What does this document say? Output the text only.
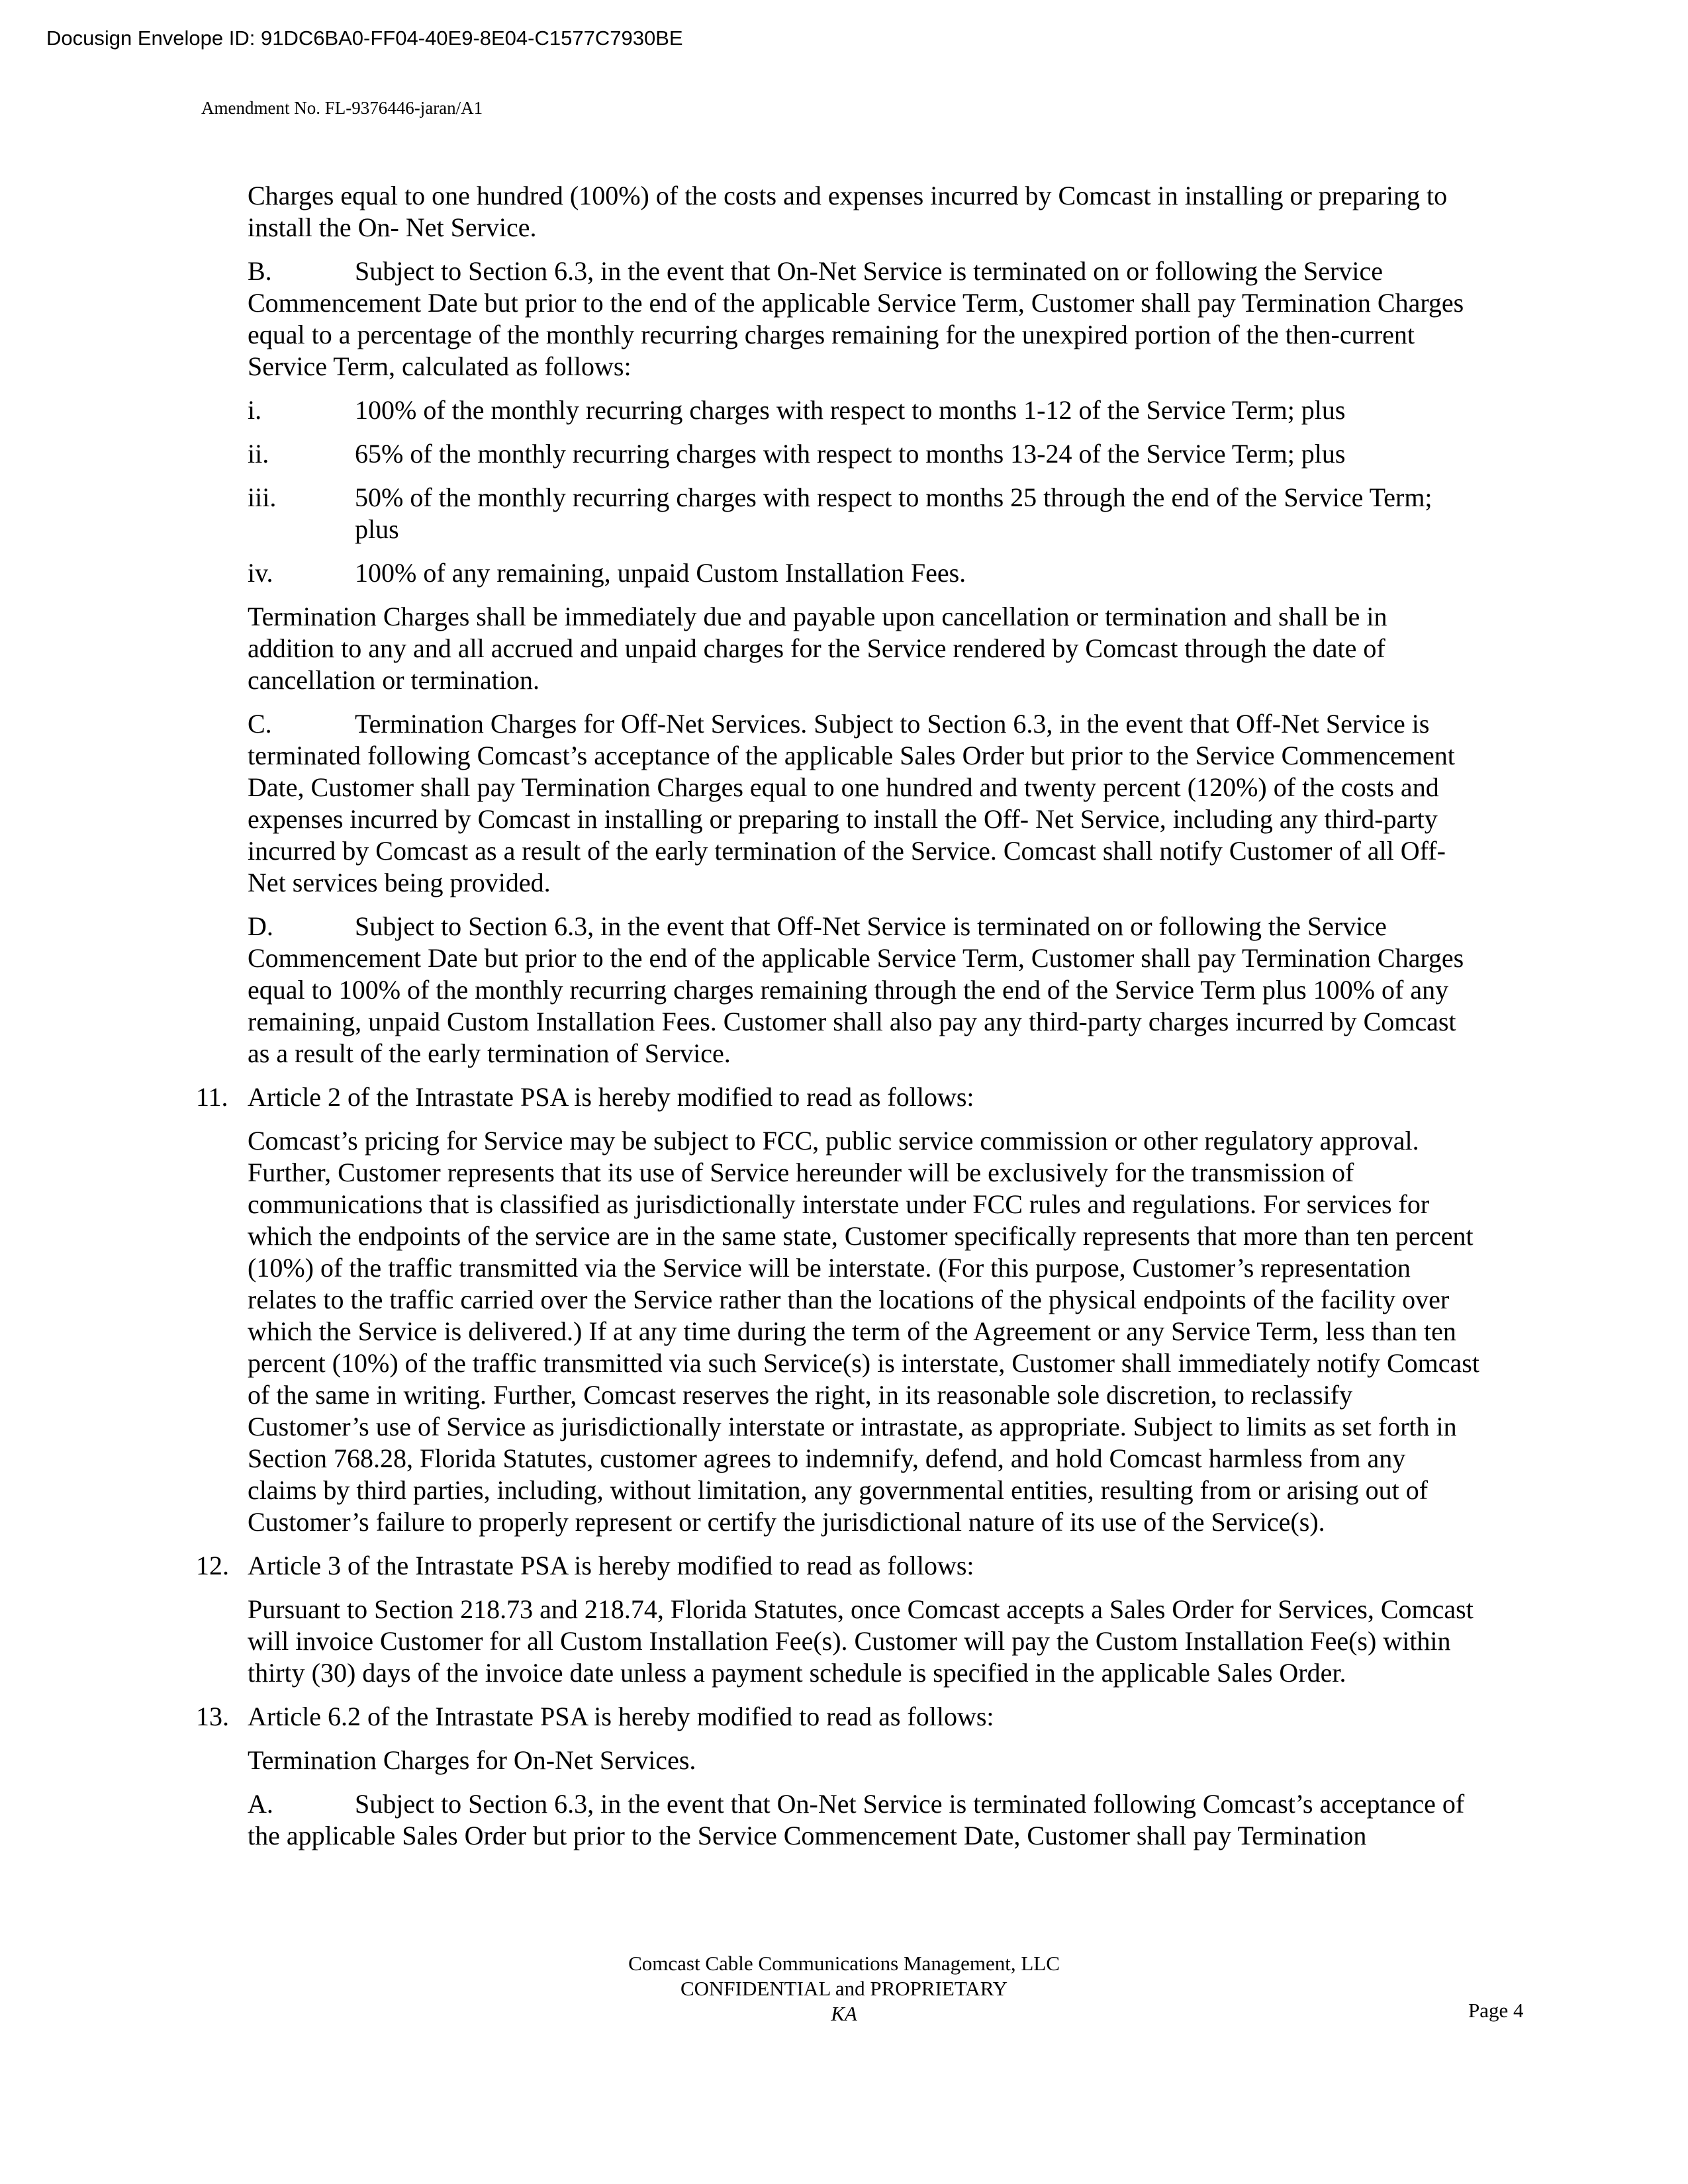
Docusign Envelope ID: 91DC6BA0-FF04-40E9-8E04-C1577C7930BE
Amendment No. FL-9376446-jaran/A1

Charges equal to one hundred (100%) of the costs and expenses incurred by Comcast in installing or preparing to install the On- Net Service.

B.	Subject to Section 6.3, in the event that On-Net Service is terminated on or following the Service Commencement Date but prior to the end of the applicable Service Term, Customer shall pay Termination Charges equal to a percentage of the monthly recurring charges remaining for the unexpired portion of the then-current Service Term, calculated as follows:

i.	100% of the monthly recurring charges with respect to months 1-12 of the Service Term; plus
ii.	65% of the monthly recurring charges with respect to months 13-24 of the Service Term; plus
iii.	50% of the monthly recurring charges with respect to months 25 through the end of the Service Term; plus
iv.	100% of any remaining, unpaid Custom Installation Fees.

Termination Charges shall be immediately due and payable upon cancellation or termination and shall be in addition to any and all accrued and unpaid charges for the Service rendered by Comcast through the date of cancellation or termination.

C.	Termination Charges for Off-Net Services. Subject to Section 6.3, in the event that Off-Net Service is terminated following Comcast’s acceptance of the applicable Sales Order but prior to the Service Commencement Date, Customer shall pay Termination Charges equal to one hundred and twenty percent (120%) of the costs and expenses incurred by Comcast in installing or preparing to install the Off- Net Service, including any third-party incurred by Comcast as a result of the early termination of the Service. Comcast shall notify Customer of all Off-Net services being provided.

D.	Subject to Section 6.3, in the event that Off-Net Service is terminated on or following the Service Commencement Date but prior to the end of the applicable Service Term, Customer shall pay Termination Charges equal to 100% of the monthly recurring charges remaining through the end of the Service Term plus 100% of any remaining, unpaid Custom Installation Fees. Customer shall also pay any third-party charges incurred by Comcast as a result of the early termination of Service.

11. Article 2 of the Intrastate PSA is hereby modified to read as follows:

Comcast’s pricing for Service may be subject to FCC, public service commission or other regulatory approval. Further, Customer represents that its use of Service hereunder will be exclusively for the transmission of communications that is classified as jurisdictionally interstate under FCC rules and regulations. For services for which the endpoints of the service are in the same state, Customer specifically represents that more than ten percent (10%) of the traffic transmitted via the Service will be interstate. (For this purpose, Customer’s representation relates to the traffic carried over the Service rather than the locations of the physical endpoints of the facility over which the Service is delivered.) If at any time during the term of the Agreement or any Service Term, less than ten percent (10%) of the traffic transmitted via such Service(s) is interstate, Customer shall immediately notify Comcast of the same in writing. Further, Comcast reserves the right, in its reasonable sole discretion, to reclassify Customer’s use of Service as jurisdictionally interstate or intrastate, as appropriate. Subject to limits as set forth in Section 768.28, Florida Statutes, customer agrees to indemnify, defend, and hold Comcast harmless from any claims by third parties, including, without limitation, any governmental entities, resulting from or arising out of Customer’s failure to properly represent or certify the jurisdictional nature of its use of the Service(s).

12. Article 3 of the Intrastate PSA is hereby modified to read as follows:

Pursuant to Section 218.73 and 218.74, Florida Statutes, once Comcast accepts a Sales Order for Services, Comcast will invoice Customer for all Custom Installation Fee(s). Customer will pay the Custom Installation Fee(s) within thirty (30) days of the invoice date unless a payment schedule is specified in the applicable Sales Order.

13. Article 6.2 of the Intrastate PSA is hereby modified to read as follows:

Termination Charges for On-Net Services.

A.	Subject to Section 6.3, in the event that On-Net Service is terminated following Comcast’s acceptance of the applicable Sales Order but prior to the Service Commencement Date, Customer shall pay Termination

Comcast Cable Communications Management, LLC
CONFIDENTIAL and PROPRIETARY
KA	Page 4
